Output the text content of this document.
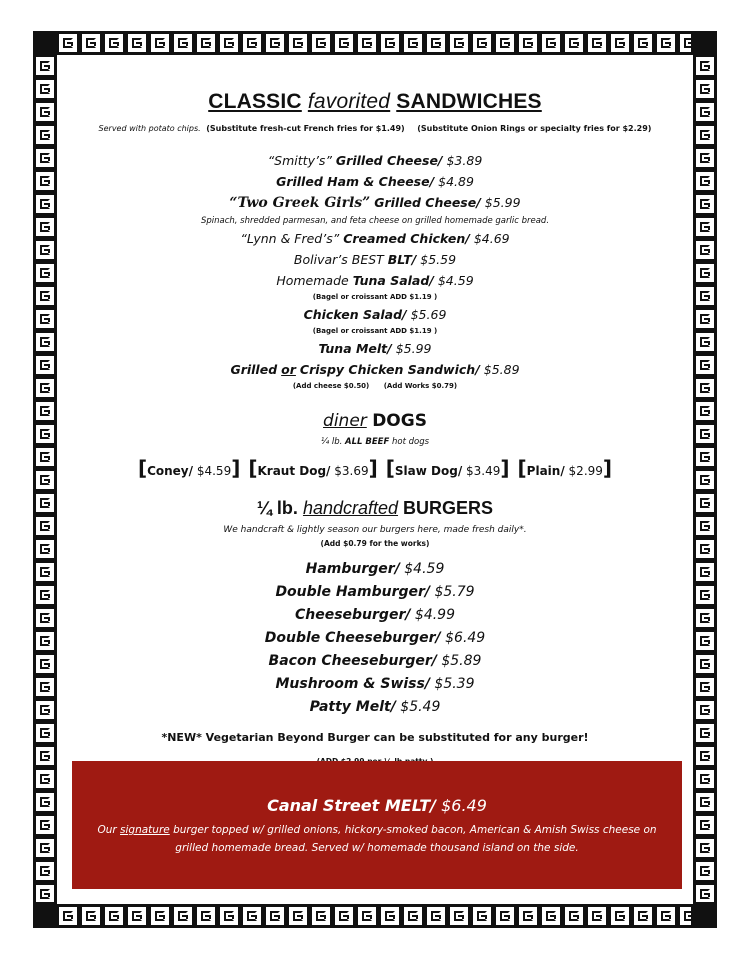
CLASSIC favorited SANDWICHES
Served with potato chips. (Substitute fresh-cut French fries for $1.49) (Substitute Onion Rings or specialty fries for $2.29)
“Smitty’s” Grilled Cheese/ $3.89
Grilled Ham & Cheese/ $4.89
“Two Greek Girls” Grilled Cheese/ $5.99
Spinach, shredded parmesan, and feta cheese on grilled homemade garlic bread.
“Lynn & Fred’s” Creamed Chicken/ $4.69
Bolivar’s BEST BLT/ $5.59
Homemade Tuna Salad/ $4.59
(Bagel or croissant ADD $1.19 )
Chicken Salad/ $5.69
(Bagel or croissant ADD $1.19 )
Tuna Melt/ $5.99
Grilled or Crispy Chicken Sandwich/ $5.89
(Add cheese $0.50) (Add Works $0.79)
diner DOGS
¼ lb. ALL BEEF hot dogs
[Coney/ $4.59] [Kraut Dog/ $3.69] [Slaw Dog/ $3.49] [Plain/ $2.99]
¼ lb. handcrafted BURGERS
We handcraft & lightly season our burgers here, made fresh daily*.
(Add $0.79 for the works)
Hamburger/ $4.59
Double Hamburger/ $5.79
Cheeseburger/ $4.99
Double Cheeseburger/ $6.49
Bacon Cheeseburger/ $5.89
Mushroom & Swiss/ $5.39
Patty Melt/ $5.49
*NEW* Vegetarian Beyond Burger can be substituted for any burger!
Canal Street MELT/ $6.49
Our signature burger topped w/ grilled onions, hickory-smoked bacon, American & Amish Swiss cheese on grilled homemade bread. Served w/ homemade thousand island on the side.
